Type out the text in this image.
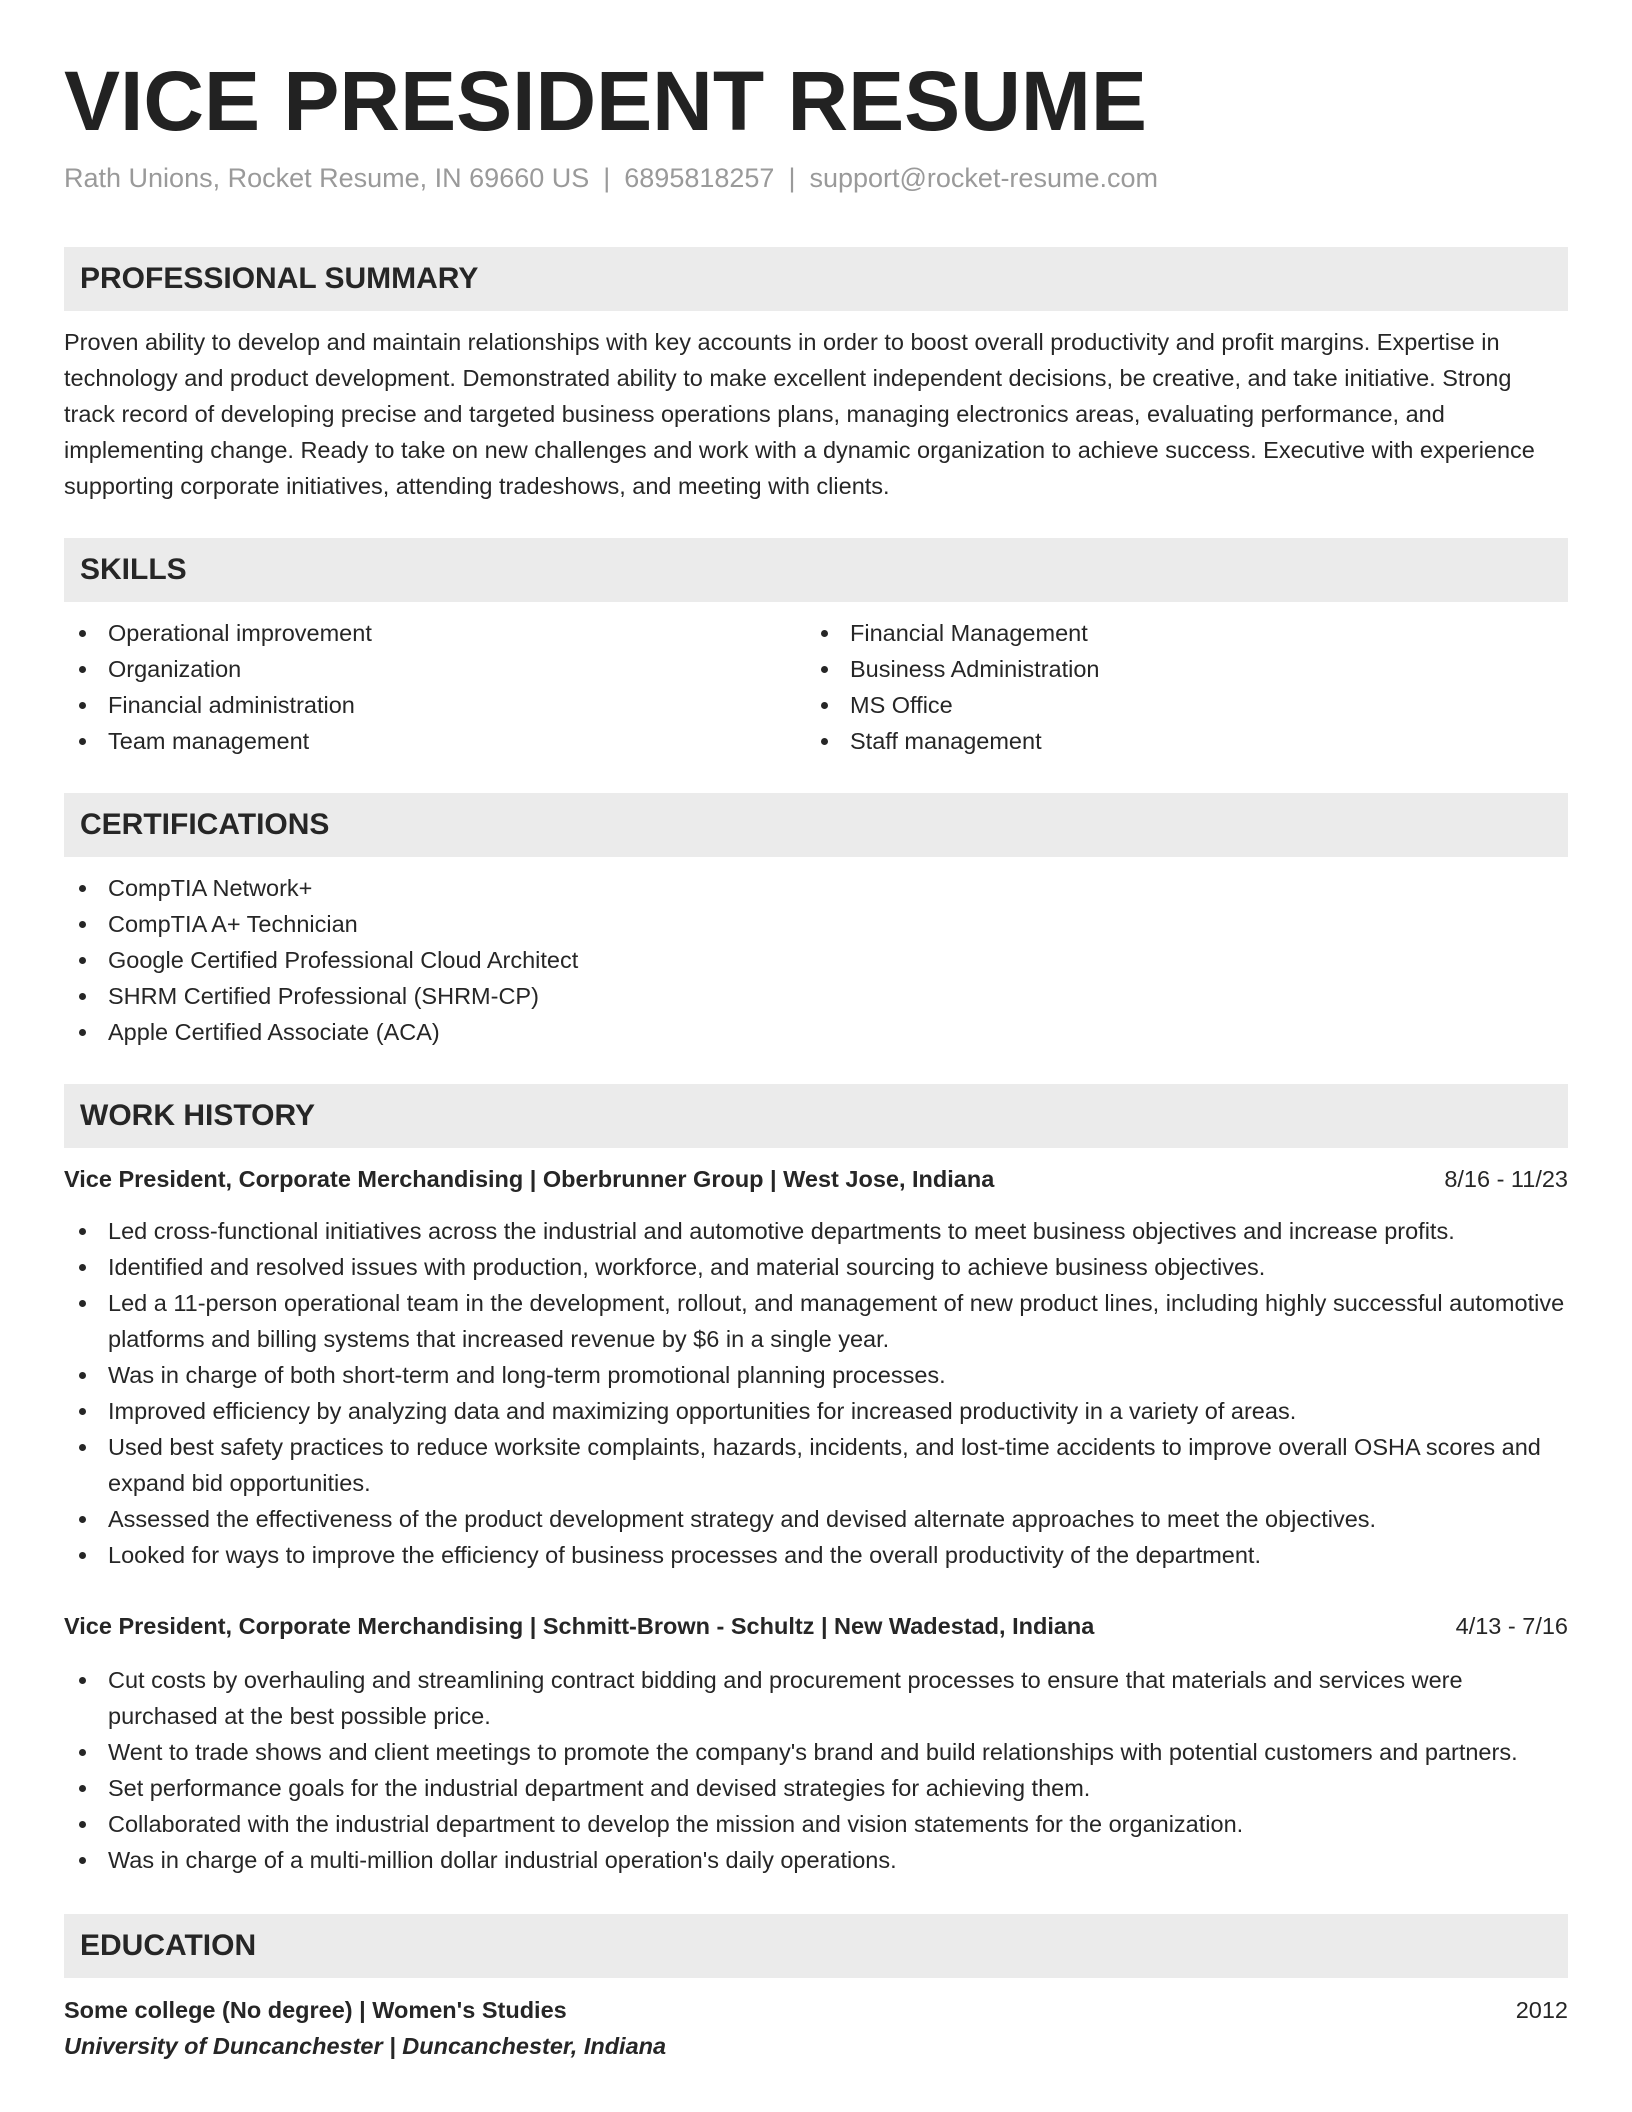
VICE PRESIDENT RESUME
Rath Unions, Rocket Resume, IN 69660 US | 6895818257 | support@rocket-resume.com
PROFESSIONAL SUMMARY

Proven ability to develop and maintain relationships with key accounts in order to boost overall productivity and profit margins. Expertise in technology and product development. Demonstrated ability to make excellent independent decisions, be creative, and take initiative. Strong track record of developing precise and targeted business operations plans, managing electronics areas, evaluating performance, and implementing change. Ready to take on new challenges and work with a dynamic organization to achieve success. Executive with experience supporting corporate initiatives, attending tradeshows, and meeting with clients.

SKILLS
Operational improvement
Organization
Financial administration
Team management
Financial Management
Business Administration
MS Office
Staff management
CERTIFICATIONS
CompTIA Network+
CompTIA A+ Technician
Google Certified Professional Cloud Architect
SHRM Certified Professional (SHRM-CP)
Apple Certified Associate (ACA)
WORK HISTORY
Vice President, Corporate Merchandising | Oberbrunner Group | West Jose, Indiana	8/16 - 11/23
Led cross-functional initiatives across the industrial and automotive departments to meet business objectives and increase profits.
Identified and resolved issues with production, workforce, and material sourcing to achieve business objectives.
Led a 11-person operational team in the development, rollout, and management of new product lines, including highly successful automotive platforms and billing systems that increased revenue by $6 in a single year.
Was in charge of both short-term and long-term promotional planning processes.
Improved efficiency by analyzing data and maximizing opportunities for increased productivity in a variety of areas.
Used best safety practices to reduce worksite complaints, hazards, incidents, and lost-time accidents to improve overall OSHA scores and expand bid opportunities.
Assessed the effectiveness of the product development strategy and devised alternate approaches to meet the objectives.
Looked for ways to improve the efficiency of business processes and the overall productivity of the department.
Vice President, Corporate Merchandising | Schmitt-Brown - Schultz | New Wadestad, Indiana	4/13 - 7/16
Cut costs by overhauling and streamlining contract bidding and procurement processes to ensure that materials and services were purchased at the best possible price.
Went to trade shows and client meetings to promote the company's brand and build relationships with potential customers and partners.
Set performance goals for the industrial department and devised strategies for achieving them.
Collaborated with the industrial department to develop the mission and vision statements for the organization.
Was in charge of a multi-million dollar industrial operation's daily operations.
EDUCATION
Some college (No degree) | Women's Studies	2012
University of Duncanchester | Duncanchester, Indiana
